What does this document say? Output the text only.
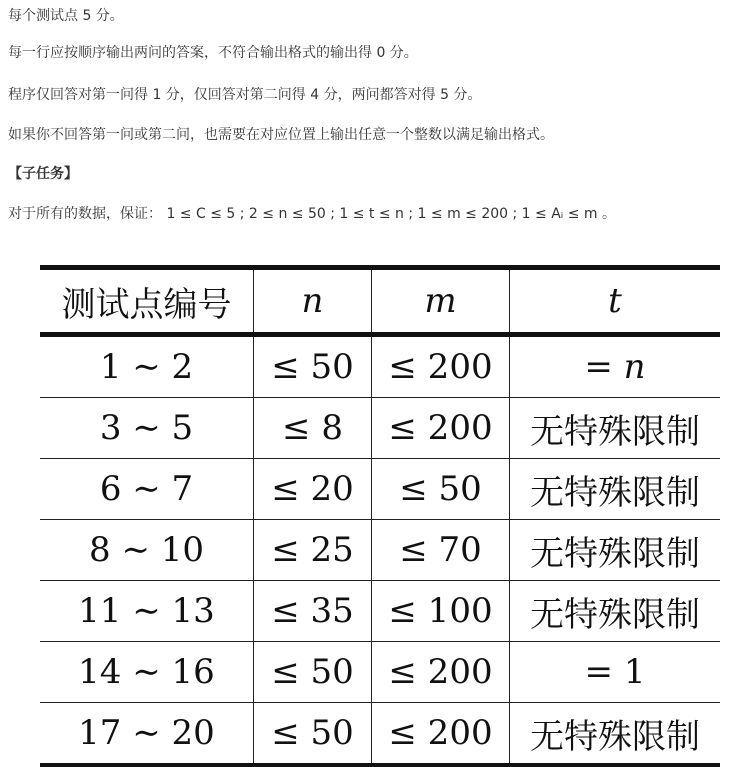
每个测试点 5 分。
每一行应按顺序输出两问的答案，不符合输出格式的输出得 0 分。
程序仅回答对第一问得 1 分，仅回答对第二问得 4 分，两问都答对得 5 分。
如果你不回答第一问或第二问，也需要在对应位置上输出任意一个整数以满足输出格式。
【子任务】
对于所有的数据，保证： 1 ≤ C ≤ 5 ; 2 ≤ n ≤ 50 ; 1 ≤ t ≤ n ; 1 ≤ m ≤ 200 ; 1 ≤ Aᵢ ≤ m 。
测试点编号	n	m	t
1 ∼ 2	≤ 50	≤ 200	= n
3 ∼ 5	≤ 8	≤ 200	无特殊限制
6 ∼ 7	≤ 20	≤ 50	无特殊限制
8 ∼ 10	≤ 25	≤ 70	无特殊限制
11 ∼ 13	≤ 35	≤ 100	无特殊限制
14 ∼ 16	≤ 50	≤ 200	= 1
17 ∼ 20	≤ 50	≤ 200	无特殊限制
